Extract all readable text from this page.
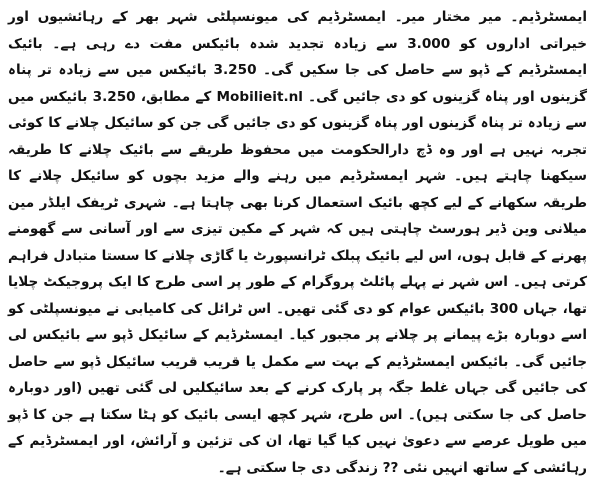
ایمسٹرڈیم۔ میر مختار میر۔ ایمسٹرڈیم کی میونسپلٹی شہر بھر کے رہائشیوں اور خیراتی اداروں کو 3.000 سے زیادہ تجدید شدہ بائیکس مفت دے رہی ہے۔ بائیک ایمسٹرڈیم کے ڈپو سے حاصل کی جا سکیں گی۔ 3.250 بائیکس میں سے زیادہ تر پناہ گزینوں اور پناہ گزینوں کو دی جائیں گی۔ Mobilieit.nl کے مطابق، 3.250 بائیکس میں سے زیادہ تر پناہ گزینوں اور پناہ گزینوں کو دی جائیں گی جن کو سائیکل چلانے کا کوئی تجربہ نہیں ہے اور وہ ڈچ دارالحکومت میں محفوظ طریقے سے بائیک چلانے کا طریقہ سیکھنا چاہتے ہیں۔ شہر ایمسٹرڈیم میں رہنے والے مزید بچوں کو سائیکل چلانے کا طریقہ سکھانے کے لیے کچھ بائیک استعمال کرنا بھی چاہتا ہے۔ شہری ٹریفک ایلڈر مین میلانی وین ڈیر ہورسٹ چاہتی ہیں کہ شہر کے مکین تیزی سے اور آسانی سے گھومنے پھرنے کے قابل ہوں، اس لیے بائیک پبلک ٹرانسپورٹ یا گاڑی چلانے کا سستا متبادل فراہم کرتی ہیں۔ اس شہر نے پہلے پائلٹ پروگرام کے طور پر اسی طرح کا ایک پروجیکٹ چلایا تھا، جہاں 300 بائیکس عوام کو دی گئی تھیں۔ اس ٹرائل کی کامیابی نے میونسپلٹی کو اسے دوبارہ بڑے پیمانے پر چلانے پر مجبور کیا۔ ایمسٹرڈیم کے سائیکل ڈپو سے بائیکس لی جائیں گی۔ بائیکس ایمسٹرڈیم کے بہت سے مکمل یا قریب قریب سائیکل ڈپو سے حاصل کی جائیں گی جہاں غلط جگہ پر پارک کرنے کے بعد سائیکلیں لی گئی تھیں (اور دوبارہ حاصل کی جا سکتی ہیں)۔ اس طرح، شہر کچھ ایسی بائیک کو ہٹا سکتا ہے جن کا ڈپو میں طویل عرصے سے دعویٰ نہیں کیا گیا تھا، ان کی تزئین و آرائش، اور ایمسٹرڈیم کے رہائشی کے ساتھ انہیں نئی ?? زندگی دی جا سکتی ہے۔
